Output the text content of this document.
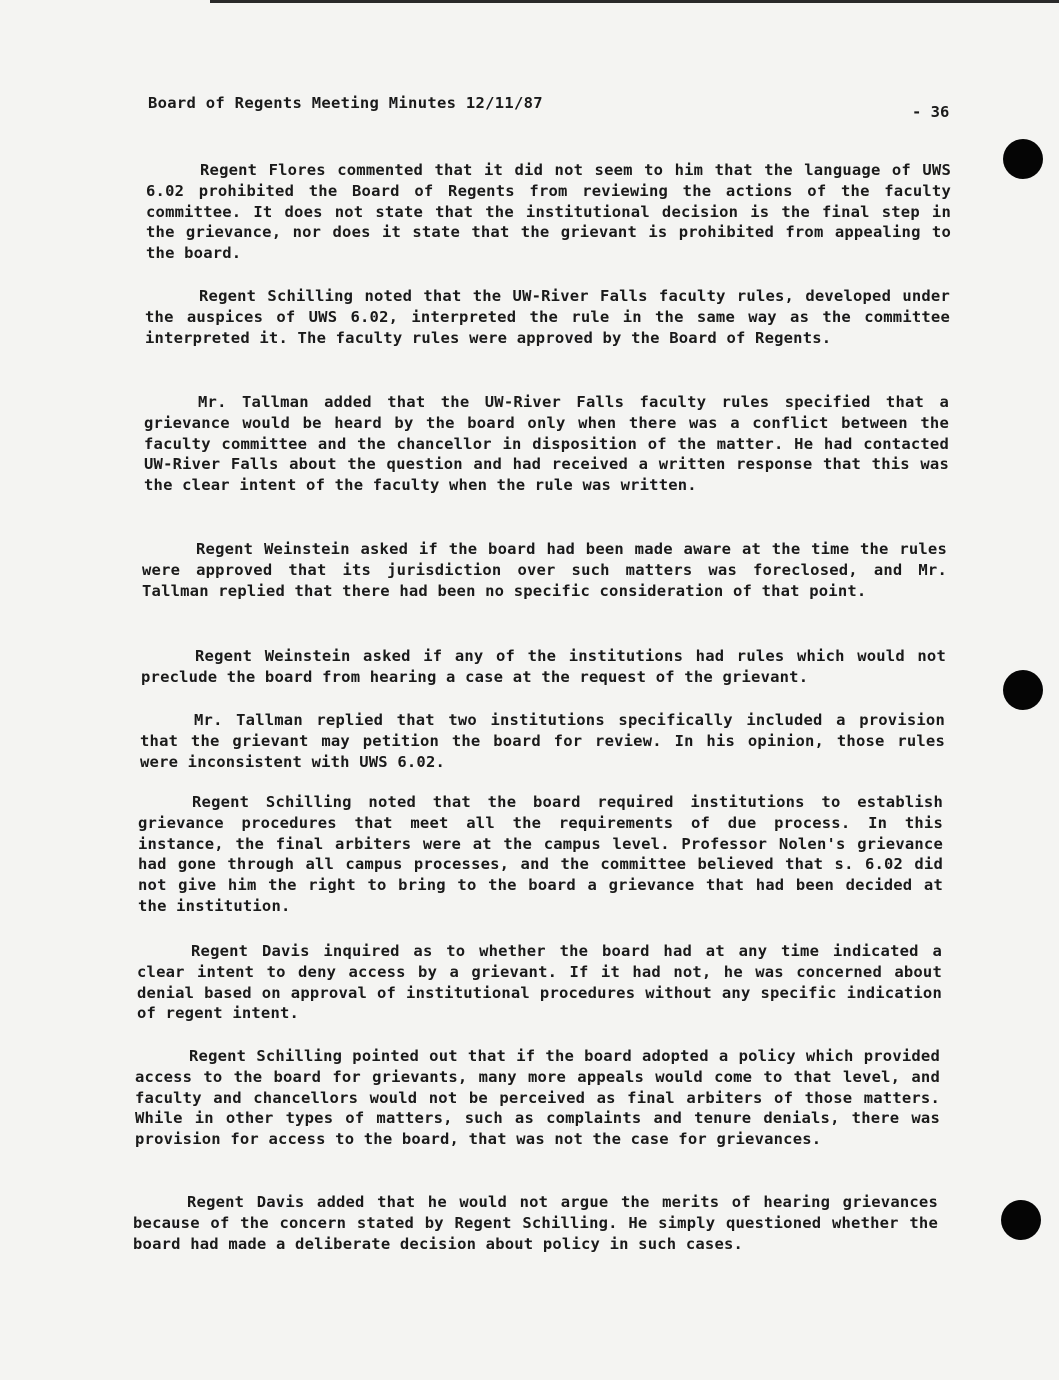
Board of Regents Meeting Minutes 12/11/87	- 36

Regent Flores commented that it did not seem to him that the language of UWS 6.02 prohibited the Board of Regents from reviewing the actions of the faculty committee. It does not state that the institutional decision is the final step in the grievance, nor does it state that the grievant is prohibited from appealing to the board.

Regent Schilling noted that the UW-River Falls faculty rules, developed under the auspices of UWS 6.02, interpreted the rule in the same way as the committee interpreted it. The faculty rules were approved by the Board of Regents.

Mr. Tallman added that the UW-River Falls faculty rules specified that a grievance would be heard by the board only when there was a conflict between the faculty committee and the chancellor in disposition of the matter. He had contacted UW-River Falls about the question and had received a written response that this was the clear intent of the faculty when the rule was written.

Regent Weinstein asked if the board had been made aware at the time the rules were approved that its jurisdiction over such matters was foreclosed, and Mr. Tallman replied that there had been no specific consideration of that point.

Regent Weinstein asked if any of the institutions had rules which would not preclude the board from hearing a case at the request of the grievant.

Mr. Tallman replied that two institutions specifically included a provision that the grievant may petition the board for review. In his opinion, those rules were inconsistent with UWS 6.02.

Regent Schilling noted that the board required institutions to establish grievance procedures that meet all the requirements of due process. In this instance, the final arbiters were at the campus level. Professor Nolen's grievance had gone through all campus processes, and the committee believed that s. 6.02 did not give him the right to bring to the board a grievance that had been decided at the institution.

Regent Davis inquired as to whether the board had at any time indicated a clear intent to deny access by a grievant. If it had not, he was concerned about denial based on approval of institutional procedures without any specific indication of regent intent.

Regent Schilling pointed out that if the board adopted a policy which provided access to the board for grievants, many more appeals would come to that level, and faculty and chancellors would not be perceived as final arbiters of those matters. While in other types of matters, such as complaints and tenure denials, there was provision for access to the board, that was not the case for grievances.

Regent Davis added that he would not argue the merits of hearing grievances because of the concern stated by Regent Schilling. He simply questioned whether the board had made a deliberate decision about policy in such cases.
